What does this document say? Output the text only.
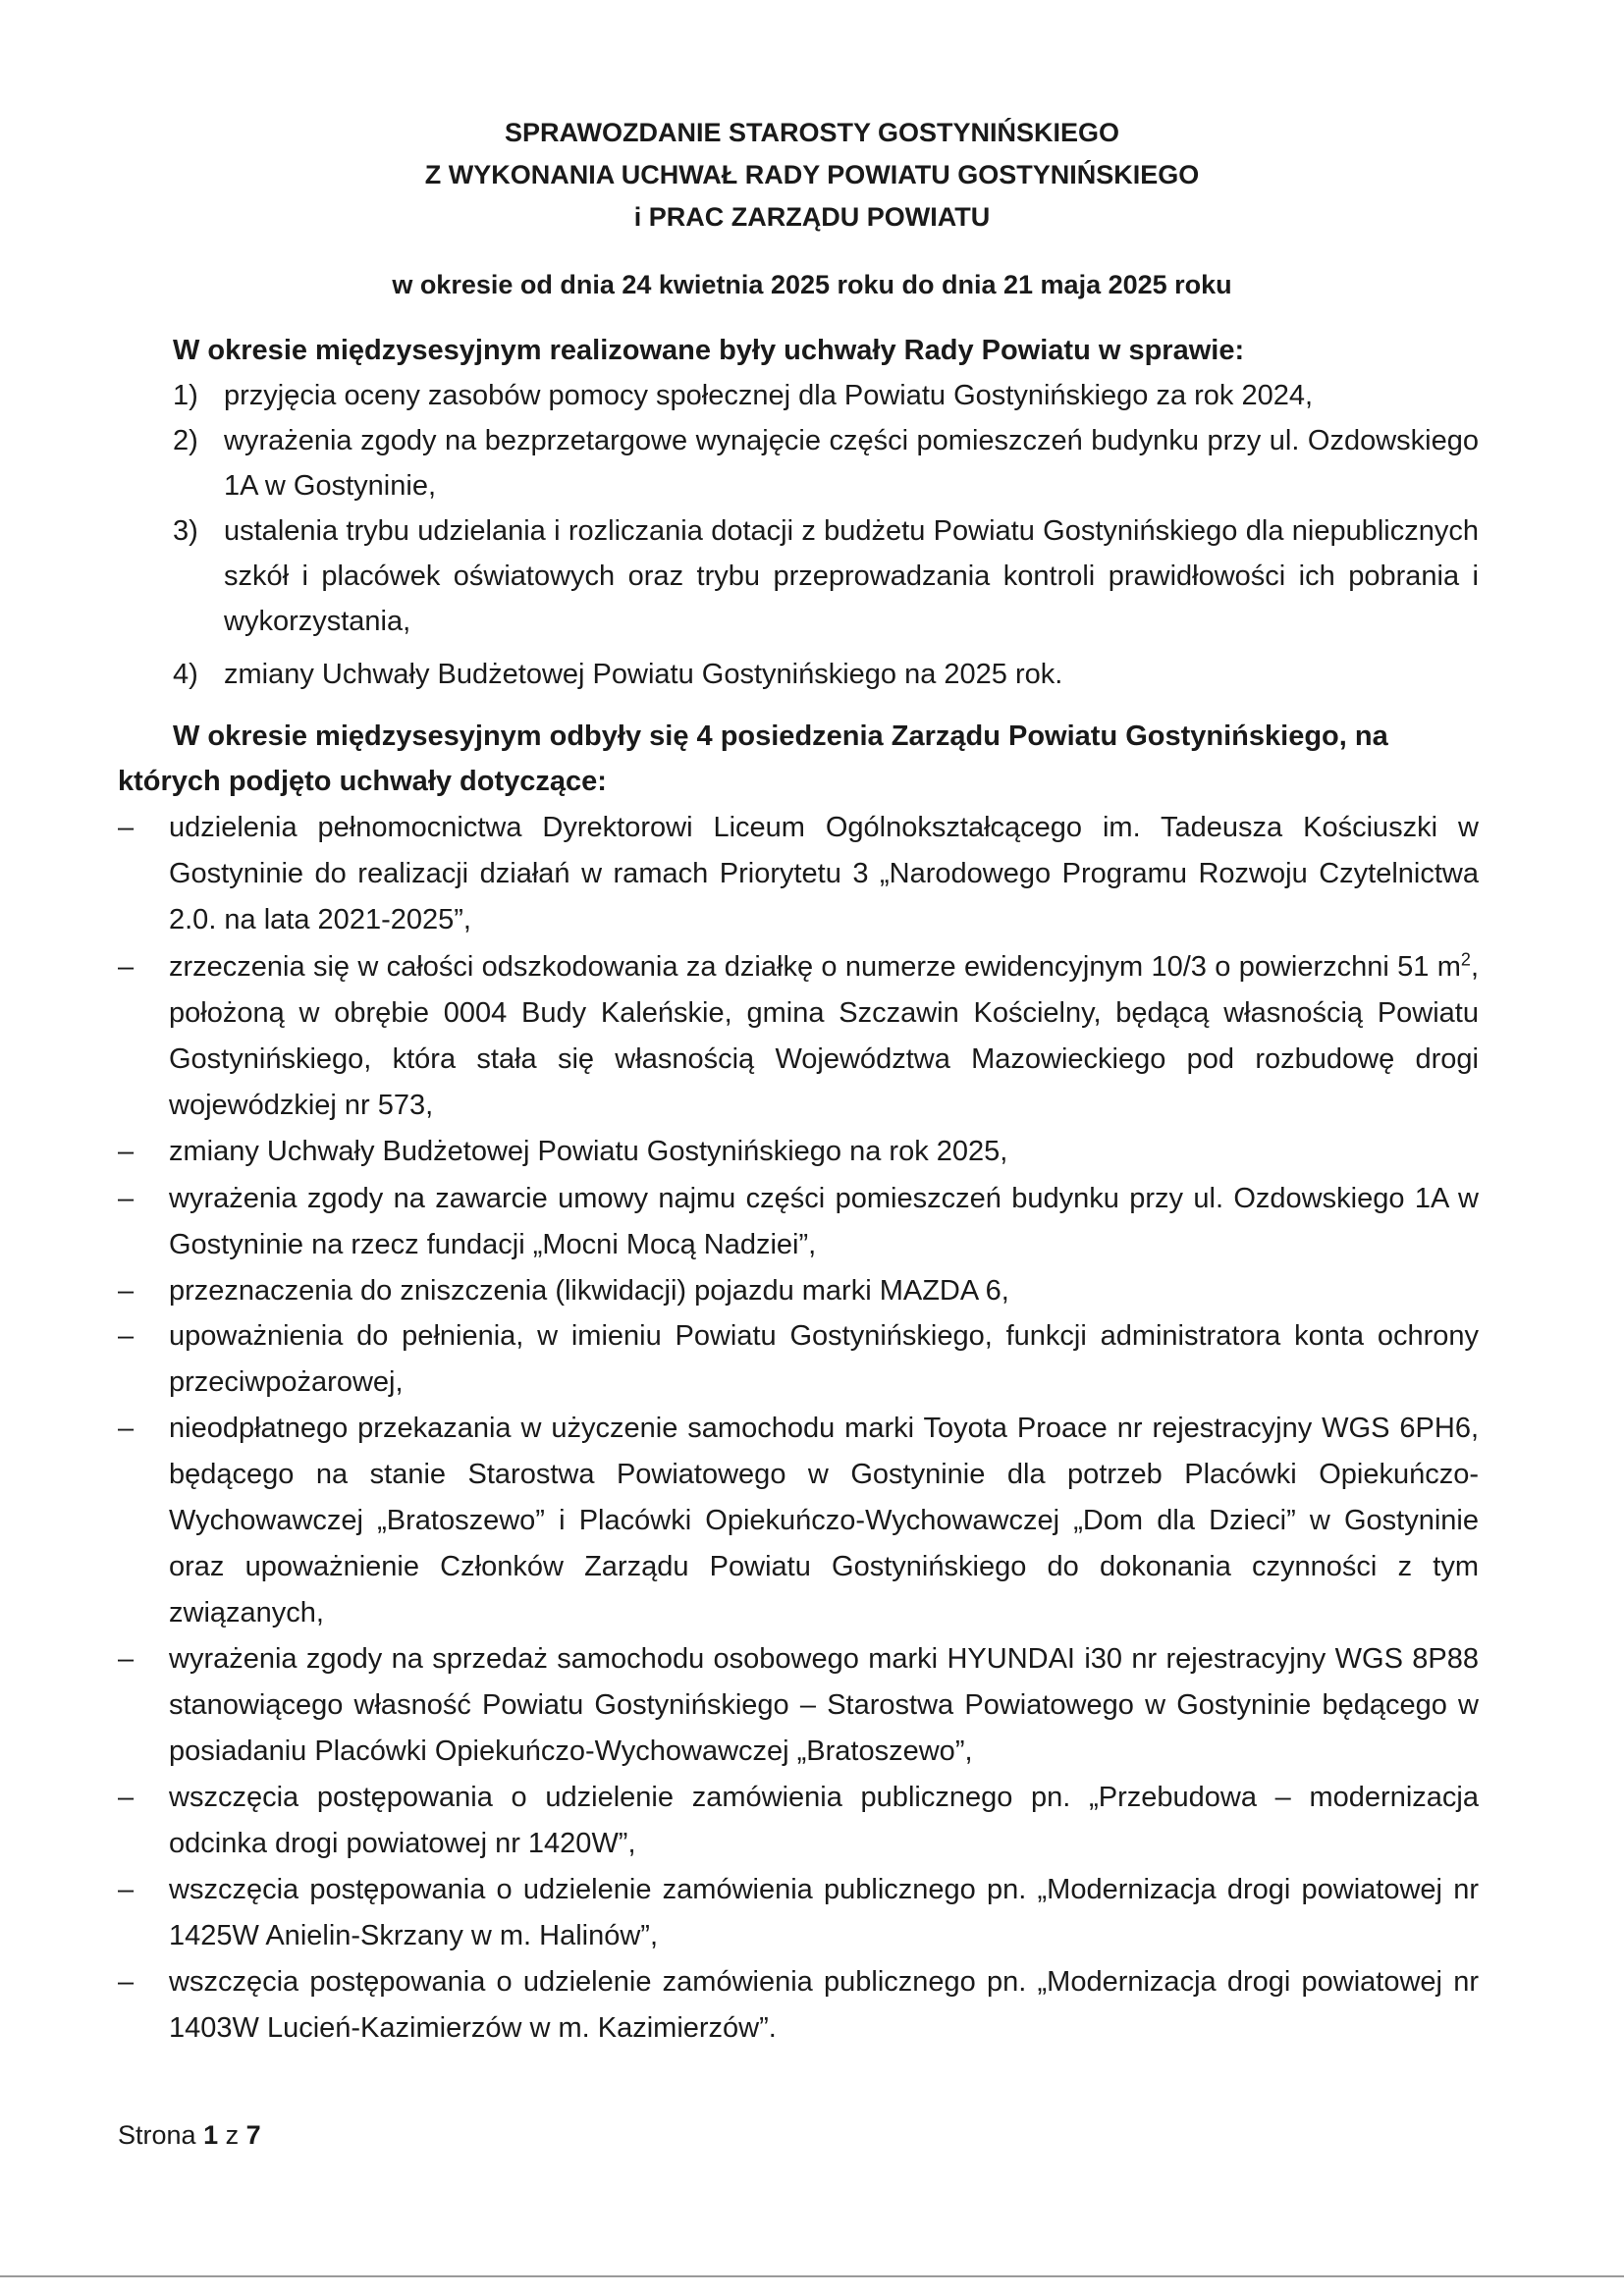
SPRAWOZDANIE STAROSTY GOSTYNIŃSKIEGO
Z WYKONANIA UCHWAŁ RADY POWIATU GOSTYNIŃSKIEGO
i PRAC ZARZĄDU POWIATU
w okresie od dnia 24 kwietnia 2025 roku do dnia 21 maja 2025 roku
W okresie międzysesyjnym realizowane były uchwały Rady Powiatu w sprawie:
1) przyjęcia oceny zasobów pomocy społecznej dla Powiatu Gostynińskiego za rok 2024,
2) wyrażenia zgody na bezprzetargowe wynajęcie części pomieszczeń budynku przy ul. Ozdowskiego 1A w Gostyninie,
3) ustalenia trybu udzielania i rozliczania dotacji z budżetu Powiatu Gostynińskiego dla niepublicznych szkół i placówek oświatowych oraz trybu przeprowadzania kontroli prawidłowości ich pobrania i wykorzystania,
4) zmiany Uchwały Budżetowej Powiatu Gostynińskiego na 2025 rok.
W okresie międzysesyjnym odbyły się 4 posiedzenia Zarządu Powiatu Gostynińskiego, na których podjęto uchwały dotyczące:
–	udzielenia pełnomocnictwa Dyrektorowi Liceum Ogólnokształcącego im. Tadeusza Kościuszki w Gostyninie do realizacji działań w ramach Priorytetu 3 „Narodowego Programu Rozwoju Czytelnictwa 2.0. na lata 2021-2025”,
–	zrzeczenia się w całości odszkodowania za działkę o numerze ewidencyjnym 10/3 o powierzchni 51 $m^2$, położoną w obrębie 0004 Budy Kaleńskie, gmina Szczawin Kościelny, będącą własnością Powiatu Gostynińskiego, która stała się własnością Województwa Mazowieckiego pod rozbudowę drogi wojewódzkiej nr 573,
–	zmiany Uchwały Budżetowej Powiatu Gostynińskiego na rok 2025,
–	wyrażenia zgody na zawarcie umowy najmu części pomieszczeń budynku przy ul. Ozdowskiego 1A w Gostyninie na rzecz fundacji „Mocni Mocą Nadziei”,
–	przeznaczenia do zniszczenia (likwidacji) pojazdu marki MAZDA 6,
–	upoważnienia do pełnienia, w imieniu Powiatu Gostynińskiego, funkcji administratora konta ochrony przeciwpożarowej,
–	nieodpłatnego przekazania w użyczenie samochodu marki Toyota Proace nr rejestracyjny WGS 6PH6, będącego na stanie Starostwa Powiatowego w Gostyninie dla potrzeb Placówki Opiekuńczo-Wychowawczej „Bratoszewo” i Placówki Opiekuńczo-Wychowawczej „Dom dla Dzieci” w Gostyninie oraz upoważnienie Członków Zarządu Powiatu Gostynińskiego do dokonania czynności z tym związanych,
–	wyrażenia zgody na sprzedaż samochodu osobowego marki HYUNDAI i30 nr rejestracyjny WGS 8P88 stanowiącego własność Powiatu Gostynińskiego – Starostwa Powiatowego w Gostyninie będącego w posiadaniu Placówki Opiekuńczo-Wychowawczej „Bratoszewo”,
–	wszczęcia postępowania o udzielenie zamówienia publicznego pn. „Przebudowa – modernizacja odcinka drogi powiatowej nr 1420W”,
–	wszczęcia postępowania o udzielenie zamówienia publicznego pn. „Modernizacja drogi powiatowej nr 1425W Anielin-Skrzany w m. Halinów”,
–	wszczęcia postępowania o udzielenie zamówienia publicznego pn. „Modernizacja drogi powiatowej nr 1403W Lucień-Kazimierzów w m. Kazimierzów”.
Strona 1 z 7
